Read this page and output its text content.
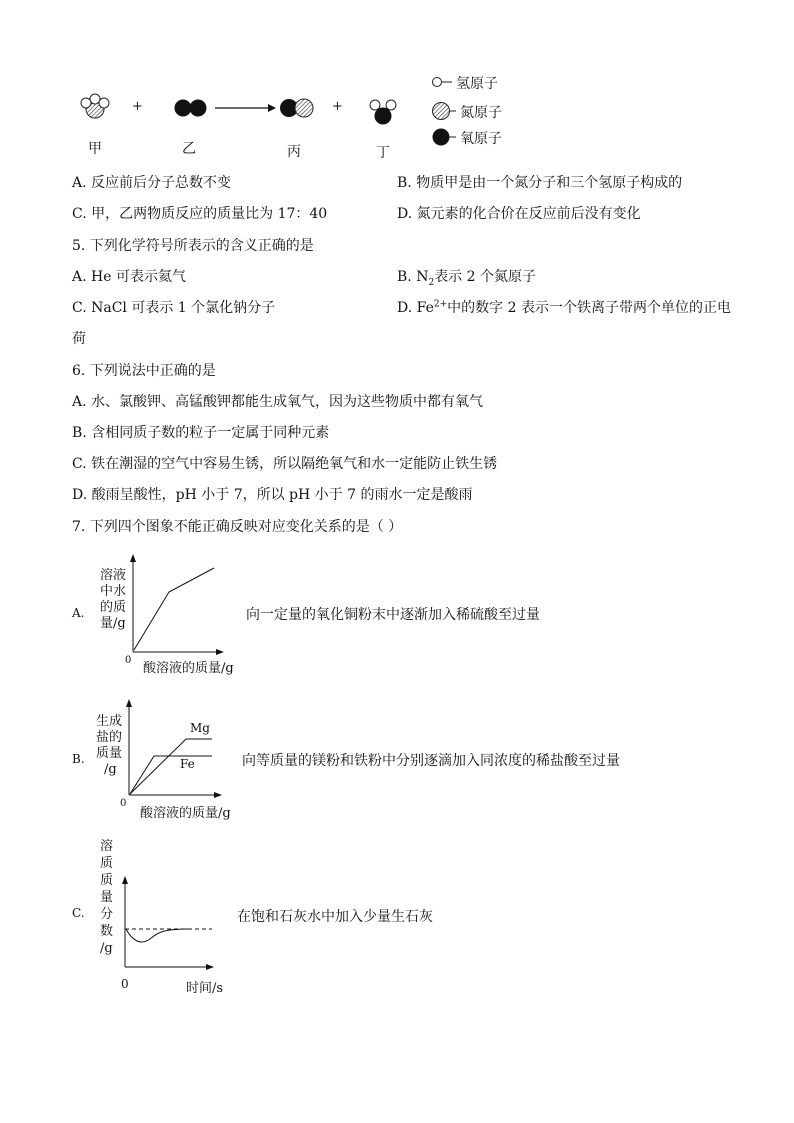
+	+
甲	乙	丙	丁
氢原子
氮原子
氧原子
A. 反应前后分子总数不变	B. 物质甲是由一个氮分子和三个氢原子构成的
C. 甲，乙两物质反应的质量比为 17：40	D. 氮元素的化合价在反应前后没有变化
5. 下列化学符号所表示的含义正确的是
A. He 可表示氦气	B. $N_2$表示 2 个氮原子
C. NaCl 可表示 1 个氯化钠分子	D. $Fe^{2+}$中的数字 2 表示一个铁离子带两个单位的正电
荷
6. 下列说法中正确的是
A. 水、氯酸钾、高锰酸钾都能生成氧气，因为这些物质中都有氧气
B. 含相同质子数的粒子一定属于同种元素
C. 铁在潮湿的空气中容易生锈，所以隔绝氧气和水一定能防止铁生锈
D. 酸雨呈酸性，pH 小于 7，所以 pH 小于 7 的雨水一定是酸雨
7. 下列四个图象不能正确反映对应变化关系的是（ ）
A.
溶液
中水
的质
量/g
0
酸溶液的质量/g
向一定量的氧化铜粉末中逐渐加入稀硫酸至过量
B.
生成
盐的
质量
/g
Mg
Fe
0
酸溶液的质量/g
向等质量的镁粉和铁粉中分别逐滴加入同浓度的稀盐酸至过量
C.
溶
质
质
量
分
数
/g
0	时间/s
在饱和石灰水中加入少量生石灰
